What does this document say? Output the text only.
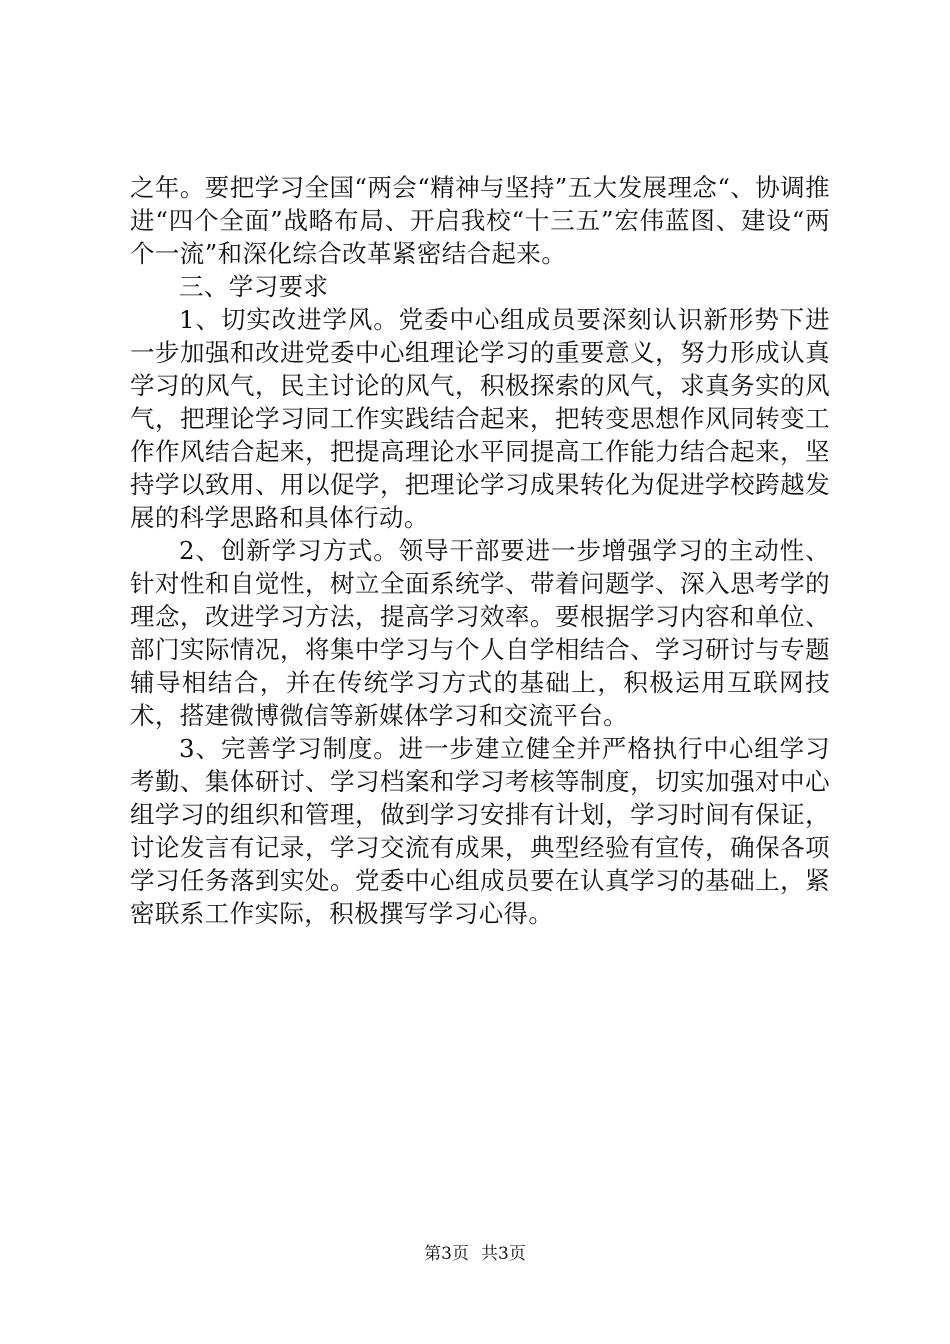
之年。要把学习全国“两会“精神与坚持”五大发展理念“、协调推进“四个全面”战略布局、开启我校“十三五”宏伟蓝图、建设“两个一流”和深化综合改革紧密结合起来。

三、学习要求

1、切实改进学风。党委中心组成员要深刻认识新形势下进一步加强和改进党委中心组理论学习的重要意义，努力形成认真学习的风气，民主讨论的风气，积极探索的风气，求真务实的风气，把理论学习同工作实践结合起来，把转变思想作风同转变工作作风结合起来，把提高理论水平同提高工作能力结合起来，坚持学以致用、用以促学，把理论学习成果转化为促进学校跨越发展的科学思路和具体行动。

2、创新学习方式。领导干部要进一步增强学习的主动性、针对性和自觉性，树立全面系统学、带着问题学、深入思考学的理念，改进学习方法，提高学习效率。要根据学习内容和单位、部门实际情况，将集中学习与个人自学相结合、学习研讨与专题辅导相结合，并在传统学习方式的基础上，积极运用互联网技术，搭建微博微信等新媒体学习和交流平台。

3、完善学习制度。进一步建立健全并严格执行中心组学习考勤、集体研讨、学习档案和学习考核等制度，切实加强对中心组学习的组织和管理，做到学习安排有计划，学习时间有保证，讨论发言有记录，学习交流有成果，典型经验有宣传，确保各项学习任务落到实处。党委中心组成员要在认真学习的基础上，紧密联系工作实际，积极撰写学习心得。

第3页 共3页
